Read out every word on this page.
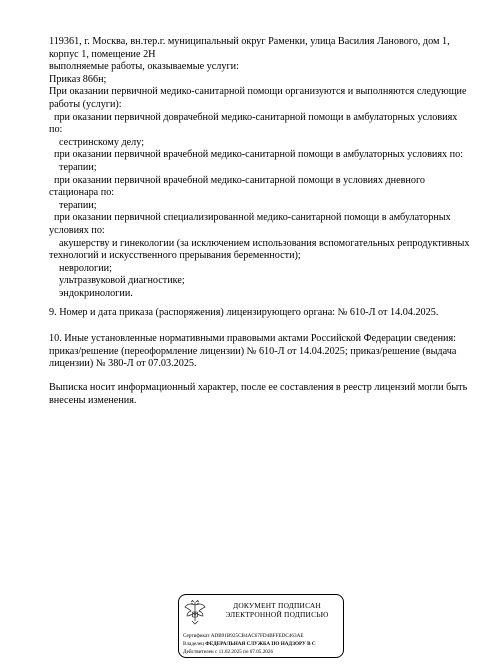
119361, г. Москва, вн.тер.г. муниципальный округ Раменки, улица Василия Ланового, дом 1,
корпус 1, помещение 2Н
выполняемые работы, оказываемые услуги:
Приказ 866н;
При оказании первичной медико-санитарной помощи организуются и выполняются следующие
работы (услуги):
при оказании первичной доврачебной медико-санитарной помощи в амбулаторных условиях
по:
сестринскому делу;
при оказании первичной врачебной медико-санитарной помощи в амбулаторных условиях по:
терапии;
при оказании первичной врачебной медико-санитарной помощи в условиях дневного
стационара по:
терапии;
при оказании первичной специализированной медико-санитарной помощи в амбулаторных
условиях по:
акушерству и гинекологии (за исключением использования вспомогательных репродуктивных
технологий и искусственного прерывания беременности);
неврологии;
ультразвуковой диагностике;
эндокринологии.
9. Номер и дата приказа (распоряжения) лицензирующего органа: № 610-Л от 14.04.2025.
10. Иные установленные нормативными правовыми актами Российской Федерации сведения:
приказ/решение (переоформление лицензии) № 610-Л от 14.04.2025; приказ/решение (выдача
лицензии) № 380-Л от 07.03.2025.
Выписка носит информационный характер, после ее составления в реестр лицензий могли быть
внесены изменения.
ДОКУМЕНТ ПОДПИСАН
ЭЛЕКТРОННОЙ ПОДПИСЬЮ
Сертификат ADB91B925CB4AC67FD4BFFEDC463AE
Владелец ФЕДЕРАЛЬНАЯ СЛУЖБА ПО НАДЗОРУ В С
Действителен с 11.02.2025 по 07.05.2026
